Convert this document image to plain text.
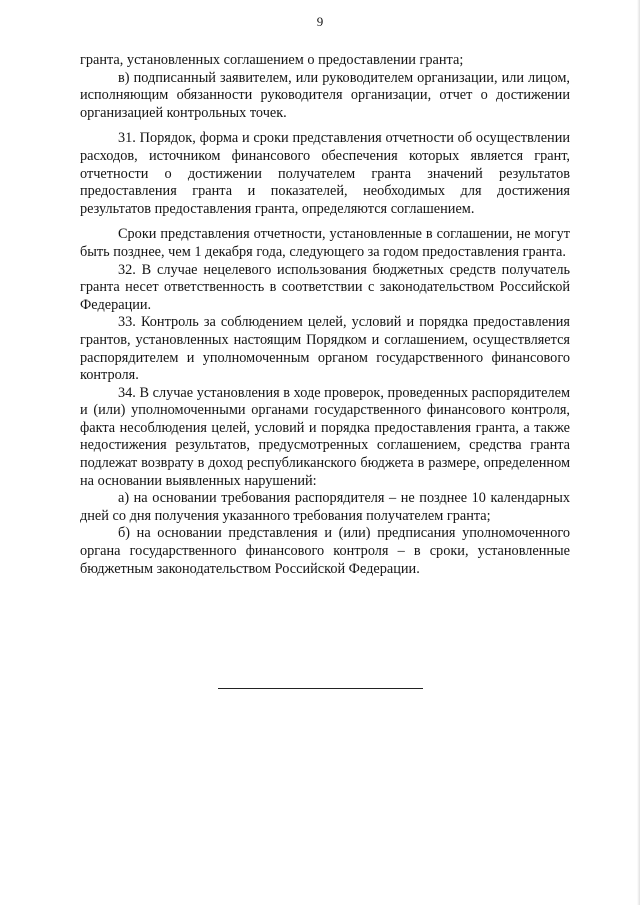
9

гранта, установленных соглашением о предоставлении гранта;

в) подписанный заявителем, или руководителем организации, или лицом, исполняющим обязанности руководителя организации, отчет о достижении организацией контрольных точек.

31. Порядок, форма и сроки представления отчетности об осуществлении расходов, источником финансового обеспечения которых является грант, отчетности о достижении получателем гранта значений результатов предоставления гранта и показателей, необходимых для достижения результатов предоставления гранта, определяются соглашением.

Сроки представления отчетности, установленные в соглашении, не могут быть позднее, чем 1 декабря года, следующего за годом предоставления гранта.

32. В случае нецелевого использования бюджетных средств получатель гранта несет ответственность в соответствии с законодательством Российской Федерации.

33. Контроль за соблюдением целей, условий и порядка предоставления грантов, установленных настоящим Порядком и соглашением, осуществляется распорядителем и уполномоченным органом государственного финансового контроля.

34. В случае установления в ходе проверок, проведенных распорядителем и (или) уполномоченными органами государственного финансового контроля, факта несоблюдения целей, условий и порядка предоставления гранта, а также недостижения результатов, предусмотренных соглашением, средства гранта подлежат возврату в доход республиканского бюджета в размере, определенном на основании выявленных нарушений:

а) на основании требования распорядителя – не позднее 10 календарных дней со дня получения указанного требования получателем гранта;

б) на основании представления и (или) предписания уполномоченного органа государственного финансового контроля – в сроки, установленные бюджетным законодательством Российской Федерации.
